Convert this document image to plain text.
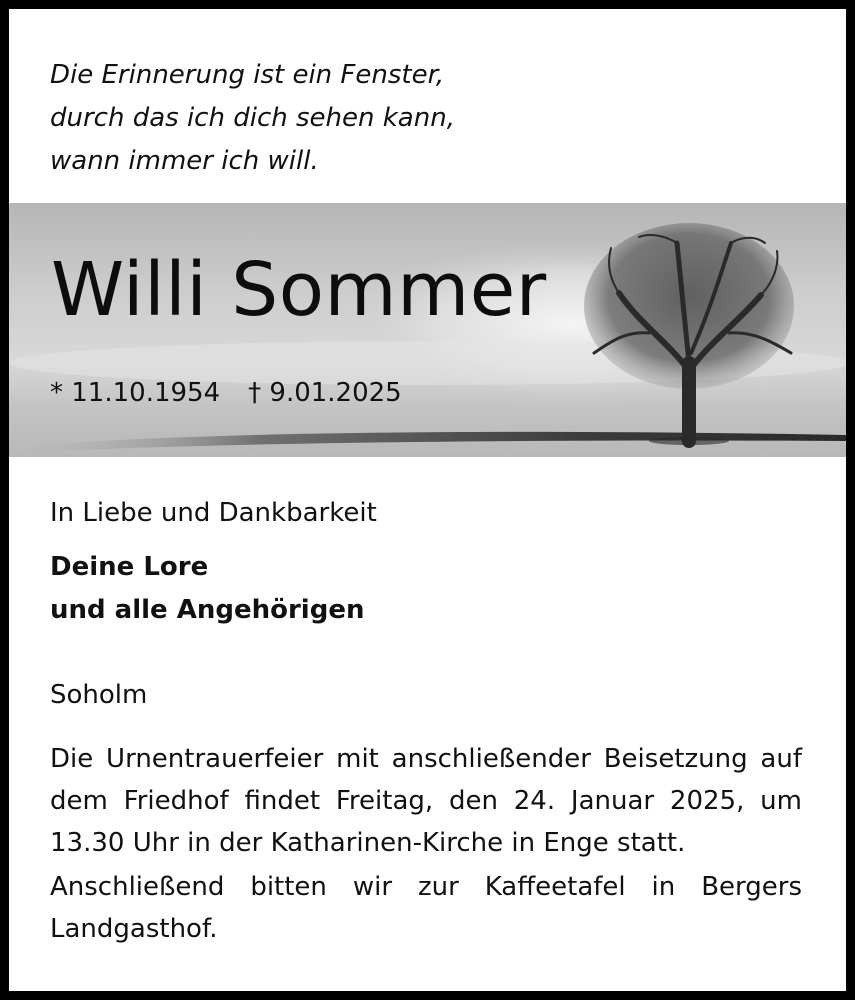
Die Erinnerung ist ein Fenster,
durch das ich dich sehen kann,
wann immer ich will.
Willi Sommer
* 11.10.1954 † 9.01.2025
In Liebe und Dankbarkeit
Deine Lore
und alle Angehörigen
Soholm
Die Urnentrauerfeier mit anschließender Beisetzung auf dem Friedhof findet Freitag, den 24. Januar 2025, um 13.30 Uhr in der Katharinen-Kirche in Enge statt.
Anschließend bitten wir zur Kaffeetafel in Bergers Landgasthof.
